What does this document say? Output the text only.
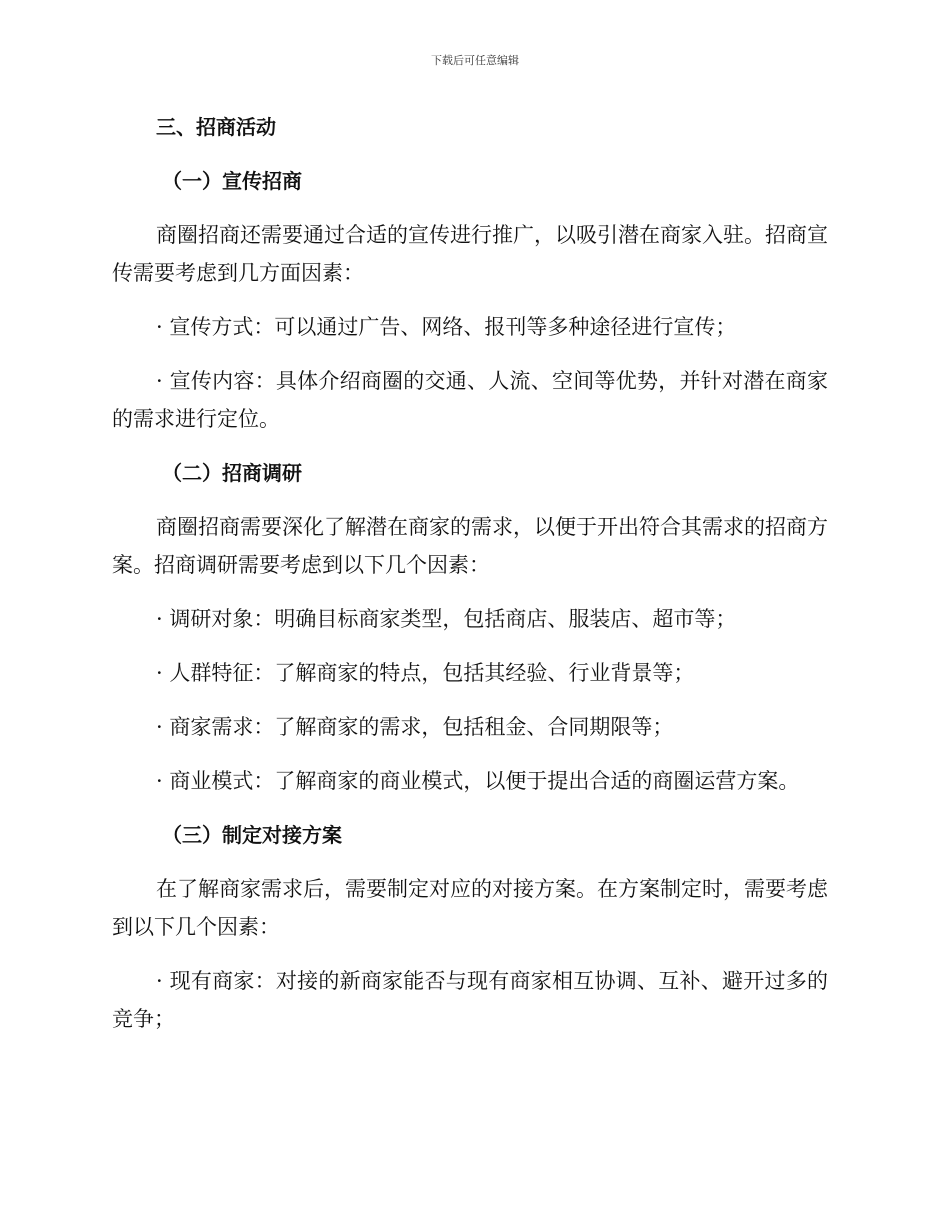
下载后可任意编辑
三、招商活动
（一）宣传招商

商圈招商还需要通过合适的宣传进行推广，以吸引潜在商家入驻。招商宣传需要考虑到几方面因素：

· 宣传方式：可以通过广告、网络、报刊等多种途径进行宣传；

· 宣传内容：具体介绍商圈的交通、人流、空间等优势，并针对潜在商家的需求进行定位。

（二）招商调研

商圈招商需要深化了解潜在商家的需求，以便于开出符合其需求的招商方案。招商调研需要考虑到以下几个因素：

· 调研对象：明确目标商家类型，包括商店、服装店、超市等；

· 人群特征：了解商家的特点，包括其经验、行业背景等；

· 商家需求：了解商家的需求，包括租金、合同期限等；

· 商业模式：了解商家的商业模式，以便于提出合适的商圈运营方案。

（三）制定对接方案

在了解商家需求后，需要制定对应的对接方案。在方案制定时，需要考虑到以下几个因素：

· 现有商家：对接的新商家能否与现有商家相互协调、互补、避开过多的竞争；
